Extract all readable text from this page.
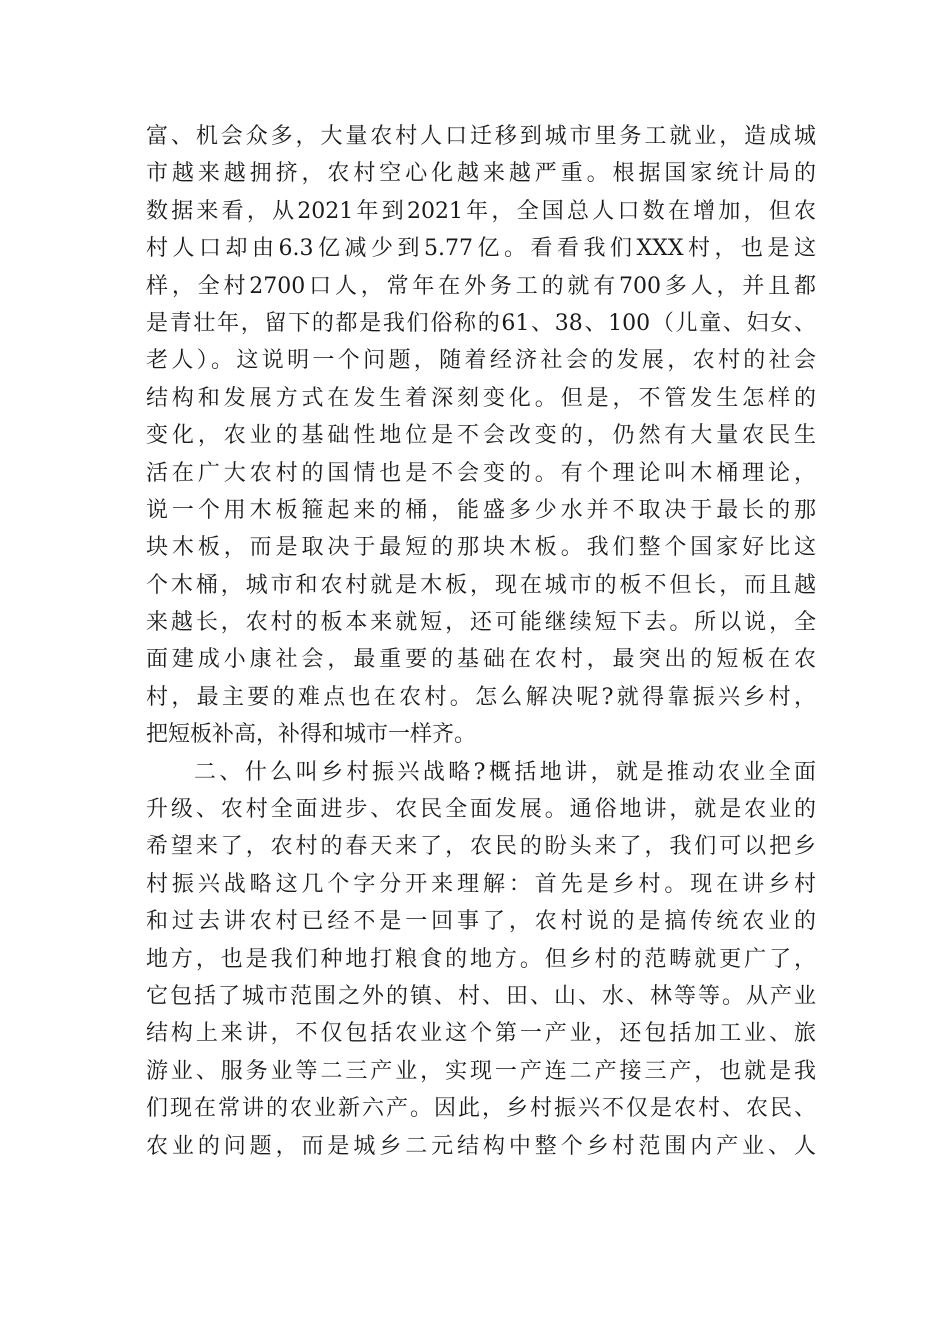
富、机会众多，大量农村人口迁移到城市里务工就业，造成城
市越来越拥挤，农村空心化越来越严重。根据国家统计局的
数据来看，从2021年到2021年，全国总人口数在增加，但农
村人口却由6.3亿减少到5.77亿。看看我们XXX村，也是这
样，全村2700口人，常年在外务工的就有700多人，并且都
是青壮年，留下的都是我们俗称的61、38、100（儿童、妇女、
老人）。这说明一个问题，随着经济社会的发展，农村的社会
结构和发展方式在发生着深刻变化。但是，不管发生怎样的
变化，农业的基础性地位是不会改变的，仍然有大量农民生
活在广大农村的国情也是不会变的。有个理论叫木桶理论，
说一个用木板箍起来的桶，能盛多少水并不取决于最长的那
块木板，而是取决于最短的那块木板。我们整个国家好比这
个木桶，城市和农村就是木板，现在城市的板不但长，而且越
来越长，农村的板本来就短，还可能继续短下去。所以说，全
面建成小康社会，最重要的基础在农村，最突出的短板在农
村，最主要的难点也在农村。怎么解决呢?就得靠振兴乡村，
把短板补高，补得和城市一样齐。
二、什么叫乡村振兴战略?概括地讲，就是推动农业全面
升级、农村全面进步、农民全面发展。通俗地讲，就是农业的
希望来了，农村的春天来了，农民的盼头来了，我们可以把乡
村振兴战略这几个字分开来理解：首先是乡村。现在讲乡村
和过去讲农村已经不是一回事了，农村说的是搞传统农业的
地方，也是我们种地打粮食的地方。但乡村的范畴就更广了，
它包括了城市范围之外的镇、村、田、山、水、林等等。从产业
结构上来讲，不仅包括农业这个第一产业，还包括加工业、旅
游业、服务业等二三产业，实现一产连二产接三产，也就是我
们现在常讲的农业新六产。因此，乡村振兴不仅是农村、农民、
农业的问题，而是城乡二元结构中整个乡村范围内产业、人
